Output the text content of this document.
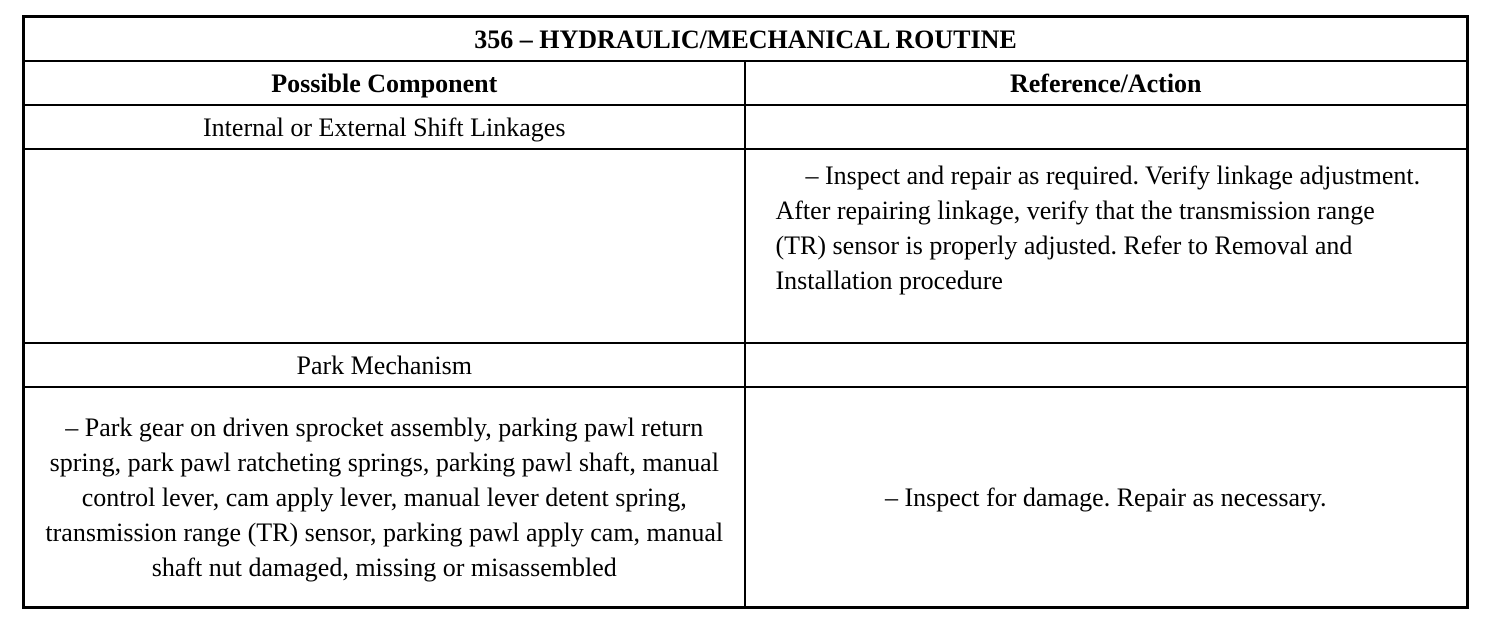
356 – HYDRAULIC/MECHANICAL ROUTINE	
Possible Component	Reference/Action
Internal or External Shift Linkages	

	– Inspect and repair as required. Verify linkage adjustment. After repairing linkage, verify that the transmission range (TR) sensor is properly adjusted. Refer to Removal and Installation procedure

Park Mechanism	
– Park gear on driven sprocket assembly, parking pawl return spring, park pawl ratcheting springs, parking pawl shaft, manual control lever, cam apply lever, manual lever detent spring, transmission range (TR) sensor, parking pawl apply cam, manual shaft nut damaged, missing or misassembled	– Inspect for damage. Repair as necessary.
